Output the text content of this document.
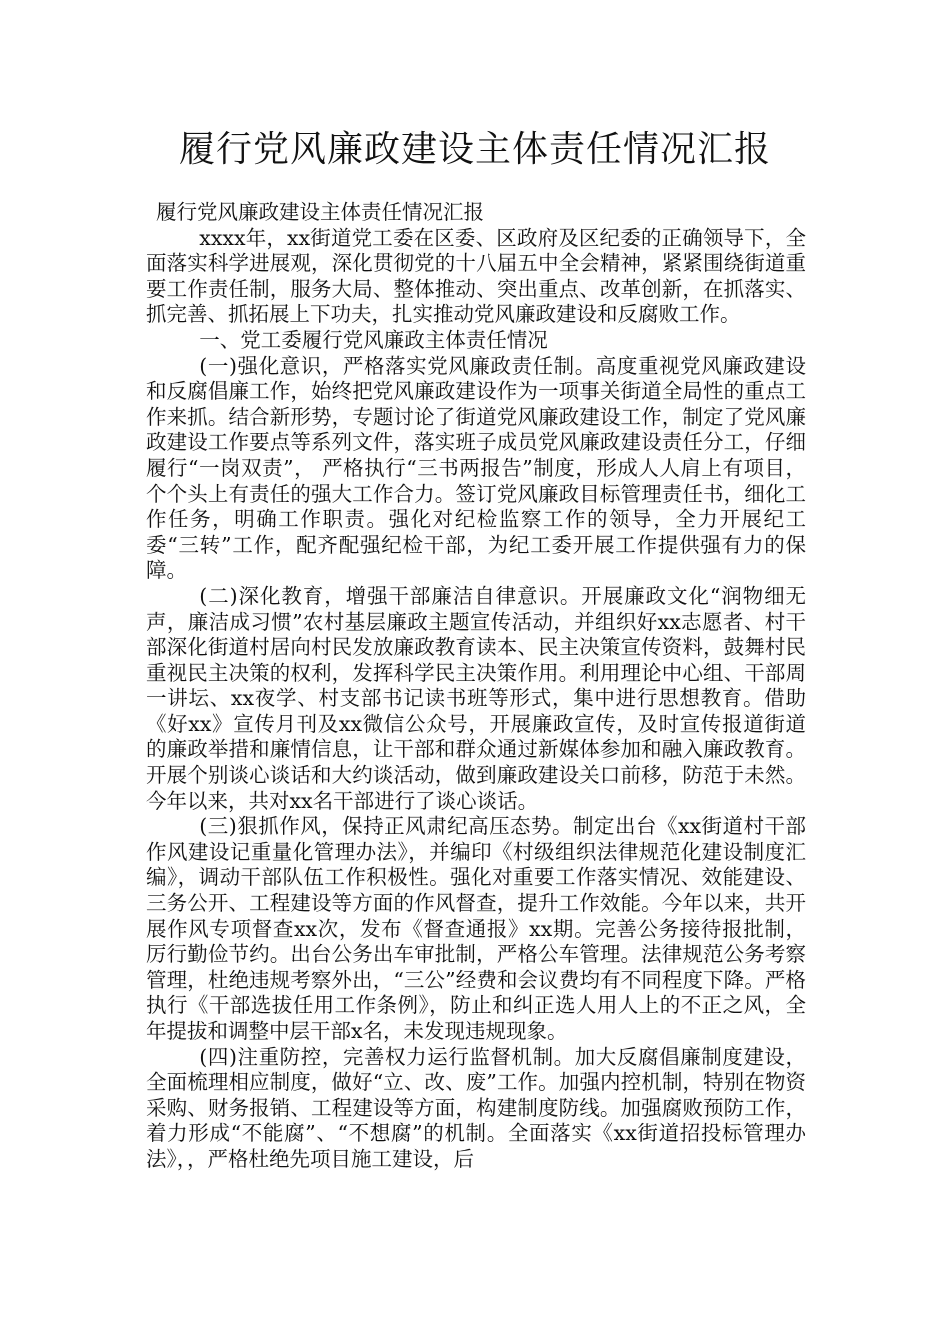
履行党风廉政建设主体责任情况汇报

履行党风廉政建设主体责任情况汇报

xxxx年，xx街道党工委在区委、区政府及区纪委的正确领导下，全面落实科学进展观，深化贯彻党的十八届五中全会精神，紧紧围绕街道重要工作责任制，服务大局、整体推动、突出重点、改革创新，在抓落实、抓完善、抓拓展上下功夫，扎实推动党风廉政建设和反腐败工作。

一、党工委履行党风廉政主体责任情况

(一)强化意识，严格落实党风廉政责任制。高度重视党风廉政建设和反腐倡廉工作，始终把党风廉政建设作为一项事关街道全局性的重点工作来抓。结合新形势，专题讨论了街道党风廉政建设工作，制定了党风廉政建设工作要点等系列文件，落实班子成员党风廉政建设责任分工，仔细履行“一岗双责”， 严格执行“三书两报告”制度，形成人人肩上有项目，个个头上有责任的强大工作合力。签订党风廉政目标管理责任书，细化工作任务，明确工作职责。强化对纪检监察工作的领导，全力开展纪工委“三转”工作，配齐配强纪检干部，为纪工委开展工作提供强有力的保障。

(二)深化教育，增强干部廉洁自律意识。开展廉政文化“润物细无声，廉洁成习惯”农村基层廉政主题宣传活动，并组织好xx志愿者、村干部深化街道村居向村民发放廉政教育读本、民主决策宣传资料，鼓舞村民重视民主决策的权利，发挥科学民主决策作用。利用理论中心组、干部周一讲坛、xx夜学、村支部书记读书班等形式，集中进行思想教育。借助《好xx》宣传月刊及xx微信公众号，开展廉政宣传，及时宣传报道街道的廉政举措和廉情信息，让干部和群众通过新媒体参加和融入廉政教育。开展个别谈心谈话和大约谈活动，做到廉政建设关口前移，防范于未然。今年以来，共对xx名干部进行了谈心谈话。

(三)狠抓作风，保持正风肃纪高压态势。制定出台《xx街道村干部作风建设记重量化管理办法》，并编印《村级组织法律规范化建设制度汇编》，调动干部队伍工作积极性。强化对重要工作落实情况、效能建设、三务公开、工程建设等方面的作风督查，提升工作效能。今年以来，共开展作风专项督查xx次，发布《督查通报》xx期。完善公务接待报批制，厉行勤俭节约。出台公务出车审批制，严格公车管理。法律规范公务考察管理，杜绝违规考察外出，“三公”经费和会议费均有不同程度下降。严格执行《干部选拔任用工作条例》，防止和纠正选人用人上的不正之风，全年提拔和调整中层干部x名，未发现违规现象。

(四)注重防控，完善权力运行监督机制。加大反腐倡廉制度建设，全面梳理相应制度，做好“立、改、废”工作。加强内控机制，特别在物资采购、财务报销、工程建设等方面，构建制度防线。加强腐败预防工作，着力形成“不能腐”、“不想腐”的机制。全面落实《xx街道招投标管理办法》，，严格杜绝先项目施工建设，后
